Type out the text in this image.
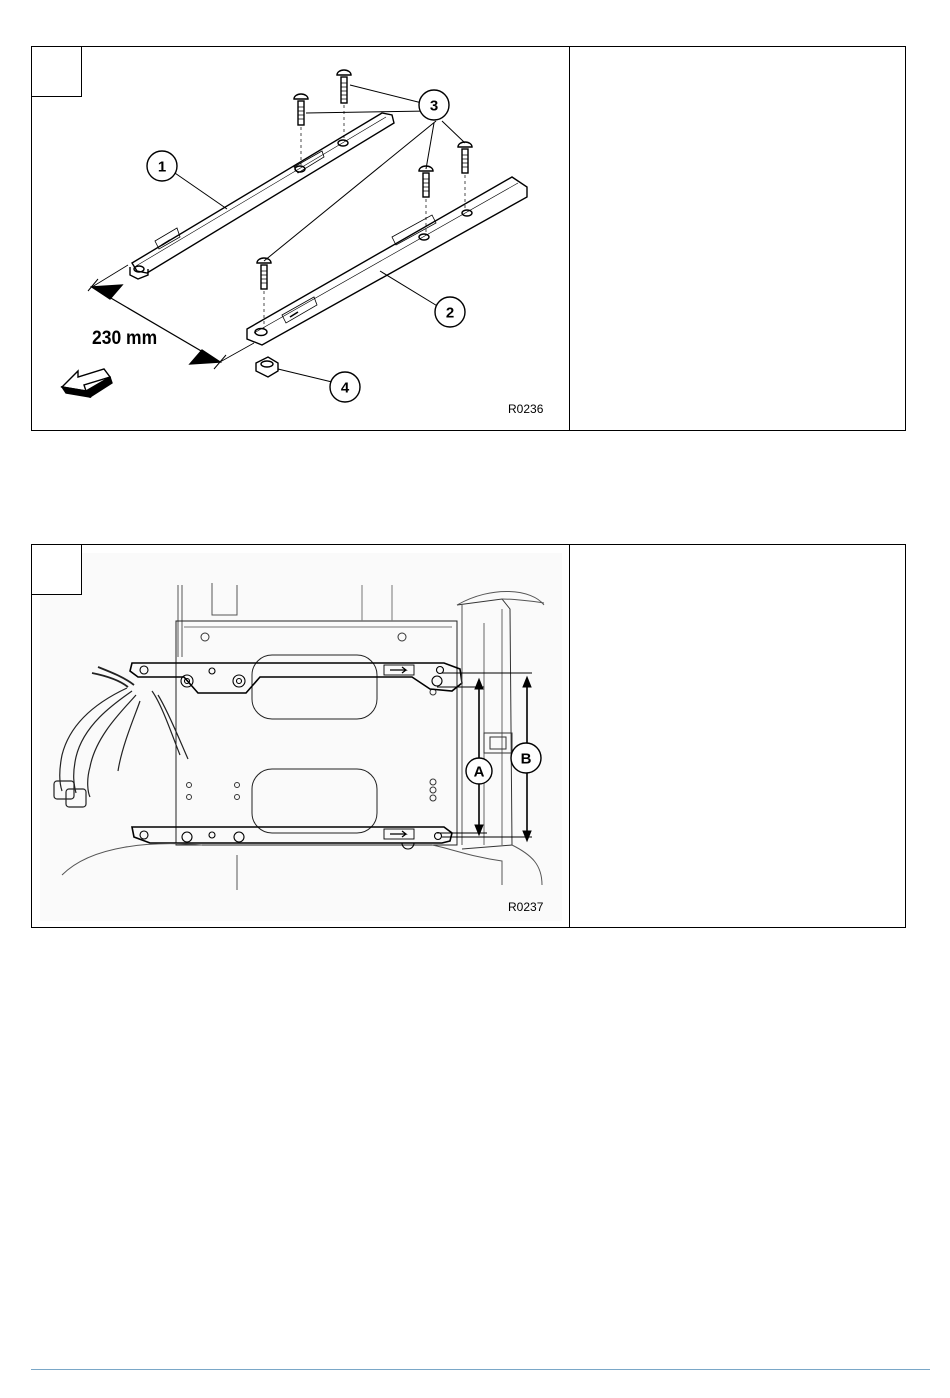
1
2
3
4
230 mm
R0236
A
B
R0237
